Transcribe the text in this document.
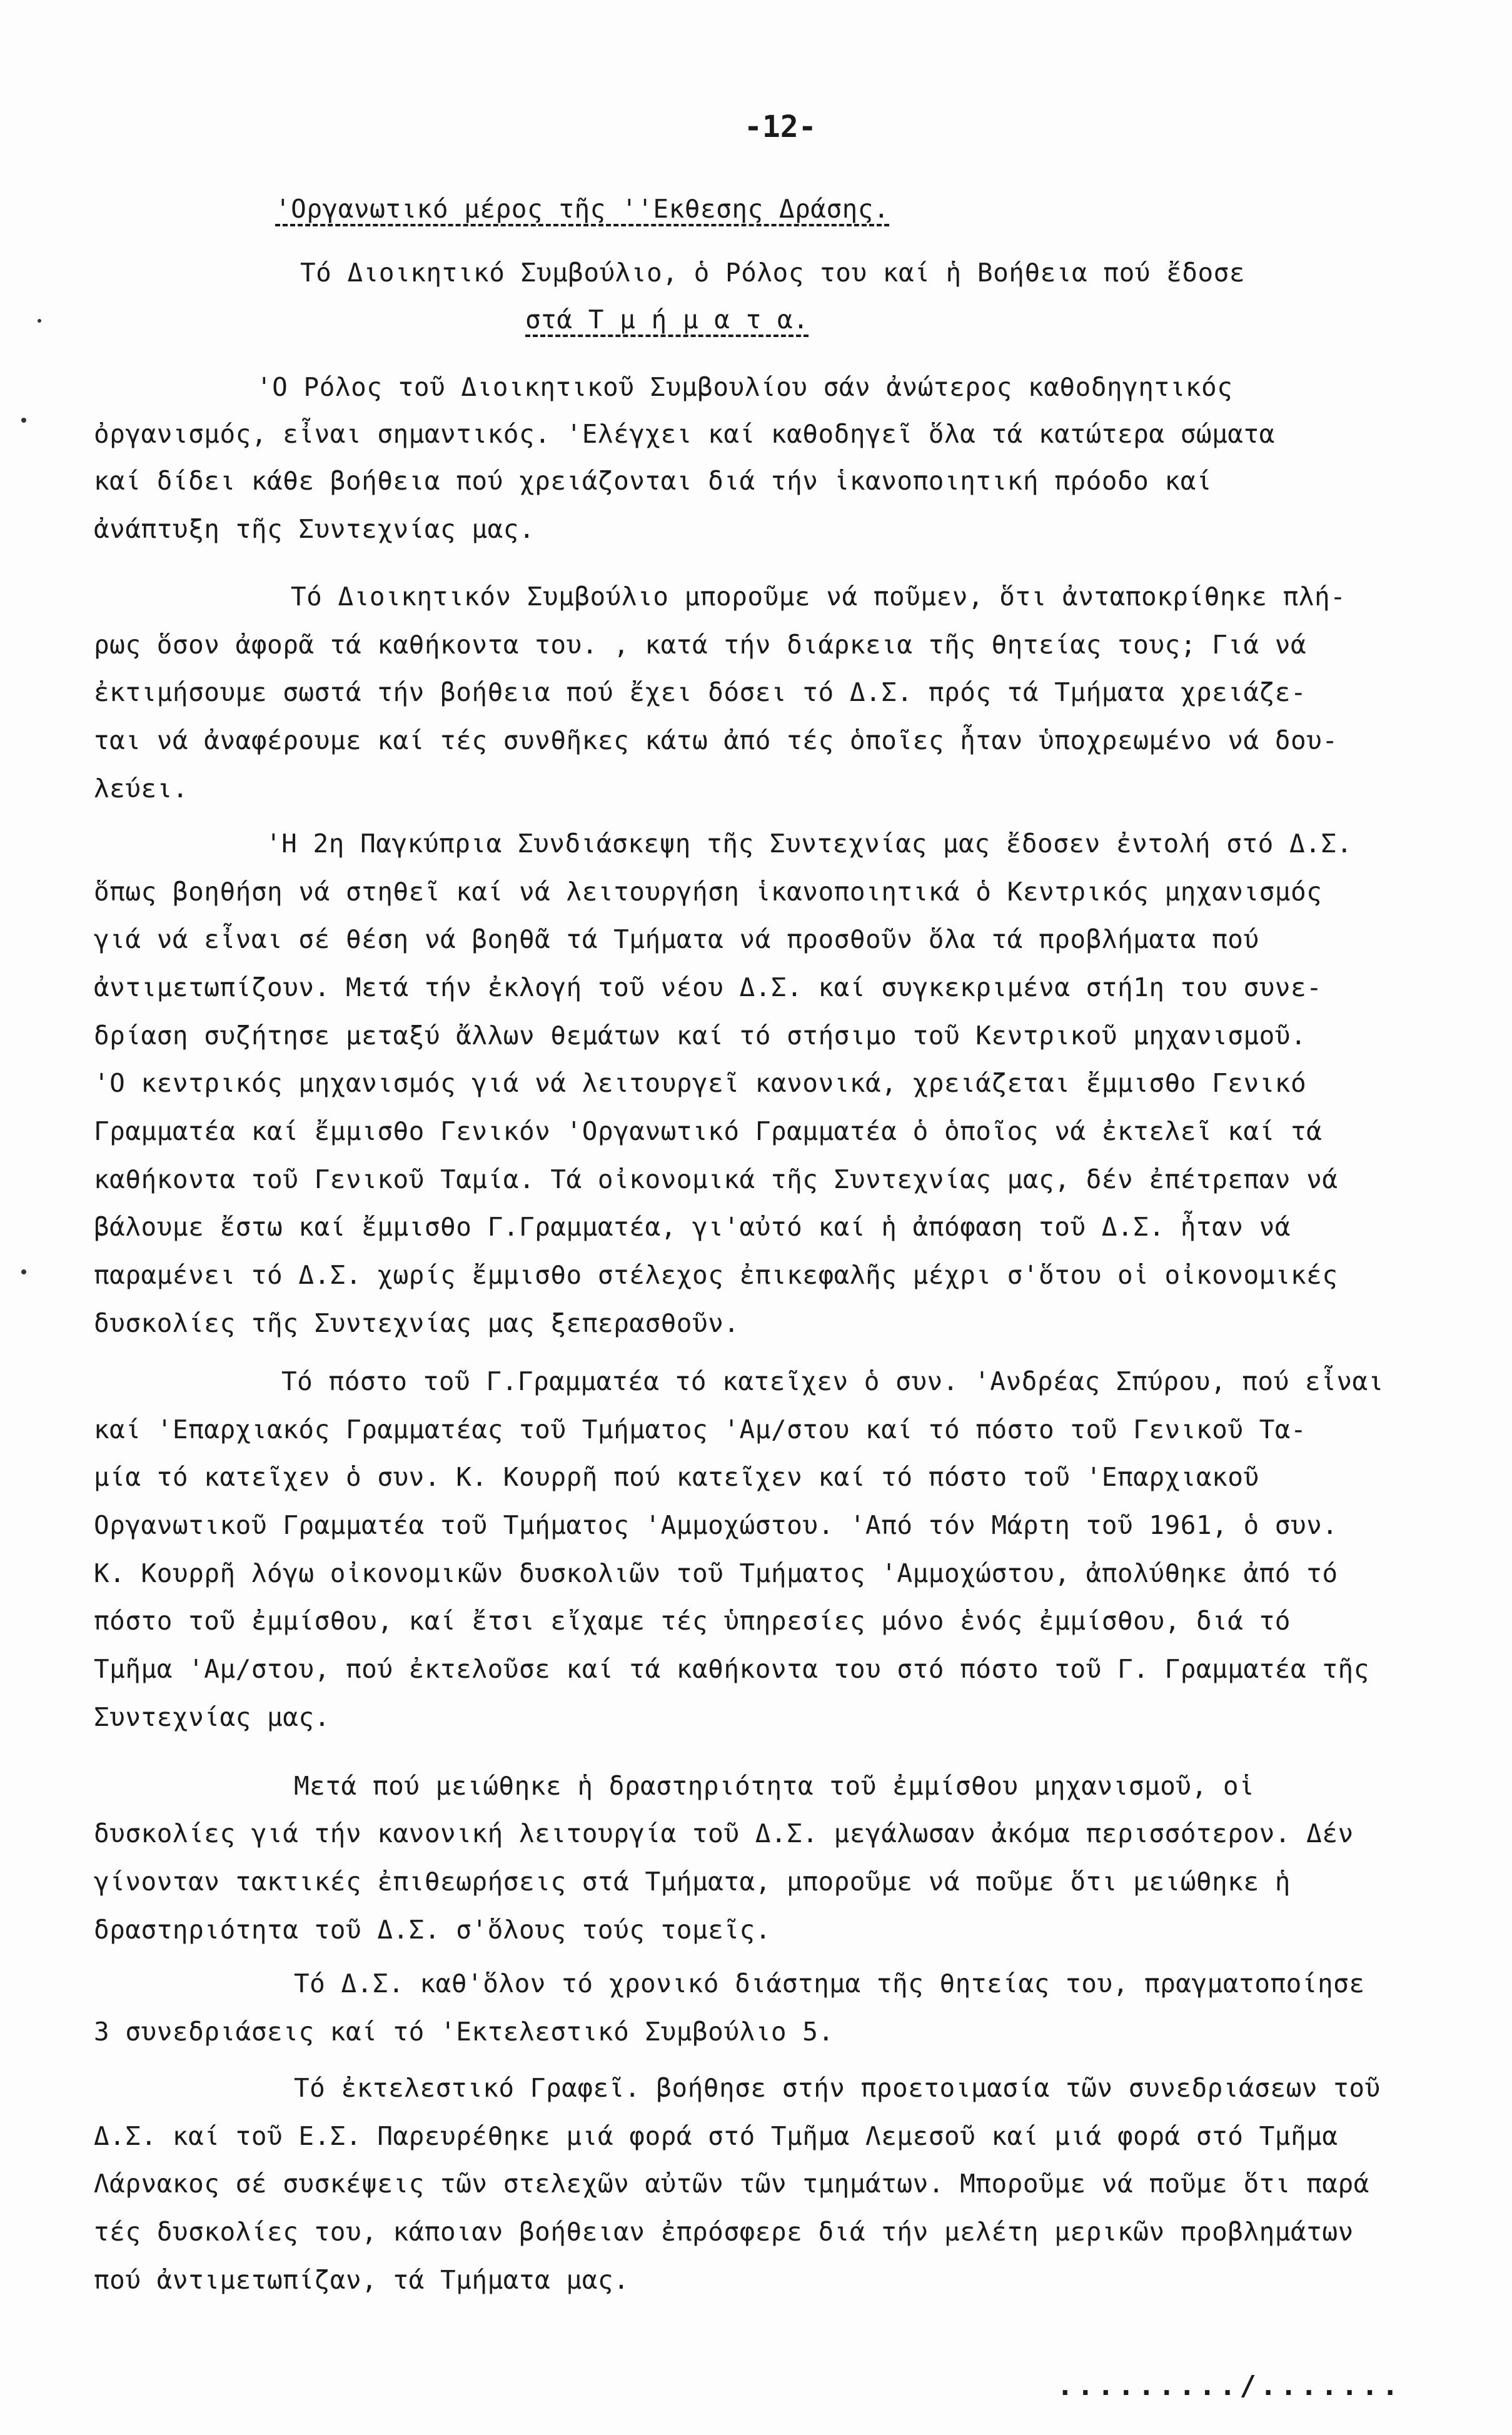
-12-
'Οργανωτικό μέρος τῆς ''Εκθεσης Δράσης.
Τό Διοικητικό Συμβούλιο, ὁ Ρόλος του καί ἡ Βοήθεια πού ἔδοσε
στά Τ μ ή μ α τ α.
'Ο Ρόλος τοῦ Διοικητικοῦ Συμβουλίου σάν ἀνώτερος καθοδηγητικός
ὀργανισμός, εἶναι σημαντικός. 'Ελέγχει καί καθοδηγεῖ ὅλα τά κατώτερα σώματα
καί δίδει κάθε βοήθεια πού χρειάζονται διά τήν ἱκανοποιητική πρόοδο καί
ἀνάπτυξη τῆς Συντεχνίας μας.
Τό Διοικητικόν Συμβούλιο μποροῦμε νά ποῦμεν, ὅτι ἀνταποκρίθηκε πλή-
ρως ὅσον ἀφορᾶ τά καθήκοντα του. , κατά τήν διάρκεια τῆς θητείας τους; Γιά νά
ἐκτιμήσουμε σωστά τήν βοήθεια πού ἔχει δόσει τό Δ.Σ. πρός τά Τμήματα χρειάζε-
ται νά ἀναφέρουμε καί τές συνθῆκες κάτω ἀπό τές ὁποῖες ἦταν ὑποχρεωμένο νά δου-
λεύει.
'Η 2η Παγκύπρια Συνδιάσκεψη τῆς Συντεχνίας μας ἔδοσεν ἐντολή στό Δ.Σ.
ὅπως βοηθήση νά στηθεῖ καί νά λειτουργήση ἱκανοποιητικά ὁ Κεντρικός μηχανισμός
γιά νά εἶναι σέ θέση νά βοηθᾶ τά Τμήματα νά προσθοῦν ὅλα τά προβλήματα πού
ἀντιμετωπίζουν. Μετά τήν ἐκλογή τοῦ νέου Δ.Σ. καί συγκεκριμένα στή1η του συνε-
δρίαση συζήτησε μεταξύ ἄλλων θεμάτων καί τό στήσιμο τοῦ Κεντρικοῦ μηχανισμοῦ.
'Ο κεντρικός μηχανισμός γιά νά λειτουργεῖ κανονικά, χρειάζεται ἔμμισθο Γενικό
Γραμματέα καί ἔμμισθο Γενικόν 'Οργανωτικό Γραμματέα ὁ ὁποῖος νά ἐκτελεῖ καί τά
καθήκοντα τοῦ Γενικοῦ Ταμία. Τά οἰκονομικά τῆς Συντεχνίας μας, δέν ἐπέτρεπαν νά
βάλουμε ἔστω καί ἔμμισθο Γ.Γραμματέα, γι'αὐτό καί ἡ ἀπόφαση τοῦ Δ.Σ. ἦταν νά
παραμένει τό Δ.Σ. χωρίς ἔμμισθο στέλεχος ἐπικεφαλῆς μέχρι σ'ὅτου οἱ οἰκονομικές
δυσκολίες τῆς Συντεχνίας μας ξεπερασθοῦν.
Τό πόστο τοῦ Γ.Γραμματέα τό κατεῖχεν ὁ συν. 'Ανδρέας Σπύρου, πού εἶναι
καί 'Επαρχιακός Γραμματέας τοῦ Τμήματος 'Αμ/στου καί τό πόστο τοῦ Γενικοῦ Τα-
μία τό κατεῖχεν ὁ συν. Κ. Κουρρῆ πού κατεῖχεν καί τό πόστο τοῦ 'Επαρχιακοῦ
Οργανωτικοῦ Γραμματέα τοῦ Τμήματος 'Αμμοχώστου. 'Από τόν Μάρτη τοῦ 1961, ὁ συν.
Κ. Κουρρῆ λόγω οἰκονομικῶν δυσκολιῶν τοῦ Τμήματος 'Αμμοχώστου, ἀπολύθηκε ἀπό τό
πόστο τοῦ ἐμμίσθου, καί ἔτσι εἴχαμε τές ὑπηρεσίες μόνο ἑνός ἐμμίσθου, διά τό
Τμῆμα 'Αμ/στου, πού ἐκτελοῦσε καί τά καθήκοντα του στό πόστο τοῦ Γ. Γραμματέα τῆς
Συντεχνίας μας.
Μετά πού μειώθηκε ἡ δραστηριότητα τοῦ ἐμμίσθου μηχανισμοῦ, οἱ
δυσκολίες γιά τήν κανονική λειτουργία τοῦ Δ.Σ. μεγάλωσαν ἀκόμα περισσότερον. Δέν
γίνονταν τακτικές ἐπιθεωρήσεις στά Τμήματα, μποροῦμε νά ποῦμε ὅτι μειώθηκε ἡ
δραστηριότητα τοῦ Δ.Σ. σ'ὅλους τούς τομεῖς.
Τό Δ.Σ. καθ'ὅλον τό χρονικό διάστημα τῆς θητείας του, πραγματοποίησε
3 συνεδριάσεις καί τό 'Εκτελεστικό Συμβούλιο 5.
Τό ἐκτελεστικό Γραφεῖ. βοήθησε στήν προετοιμασία τῶν συνεδριάσεων τοῦ
Δ.Σ. καί τοῦ Ε.Σ. Παρευρέθηκε μιά φορά στό Τμῆμα Λεμεσοῦ καί μιά φορά στό Τμῆμα
Λάρνακος σέ συσκέψεις τῶν στελεχῶν αὐτῶν τῶν τμημάτων. Μποροῦμε νά ποῦμε ὅτι παρά
τές δυσκολίες του, κάποιαν βοήθειαν ἐπρόσφερε διά τήν μελέτη μερικῶν προβλημάτων
πού ἀντιμετωπίζαν, τά Τμήματα μας.
........./.......
